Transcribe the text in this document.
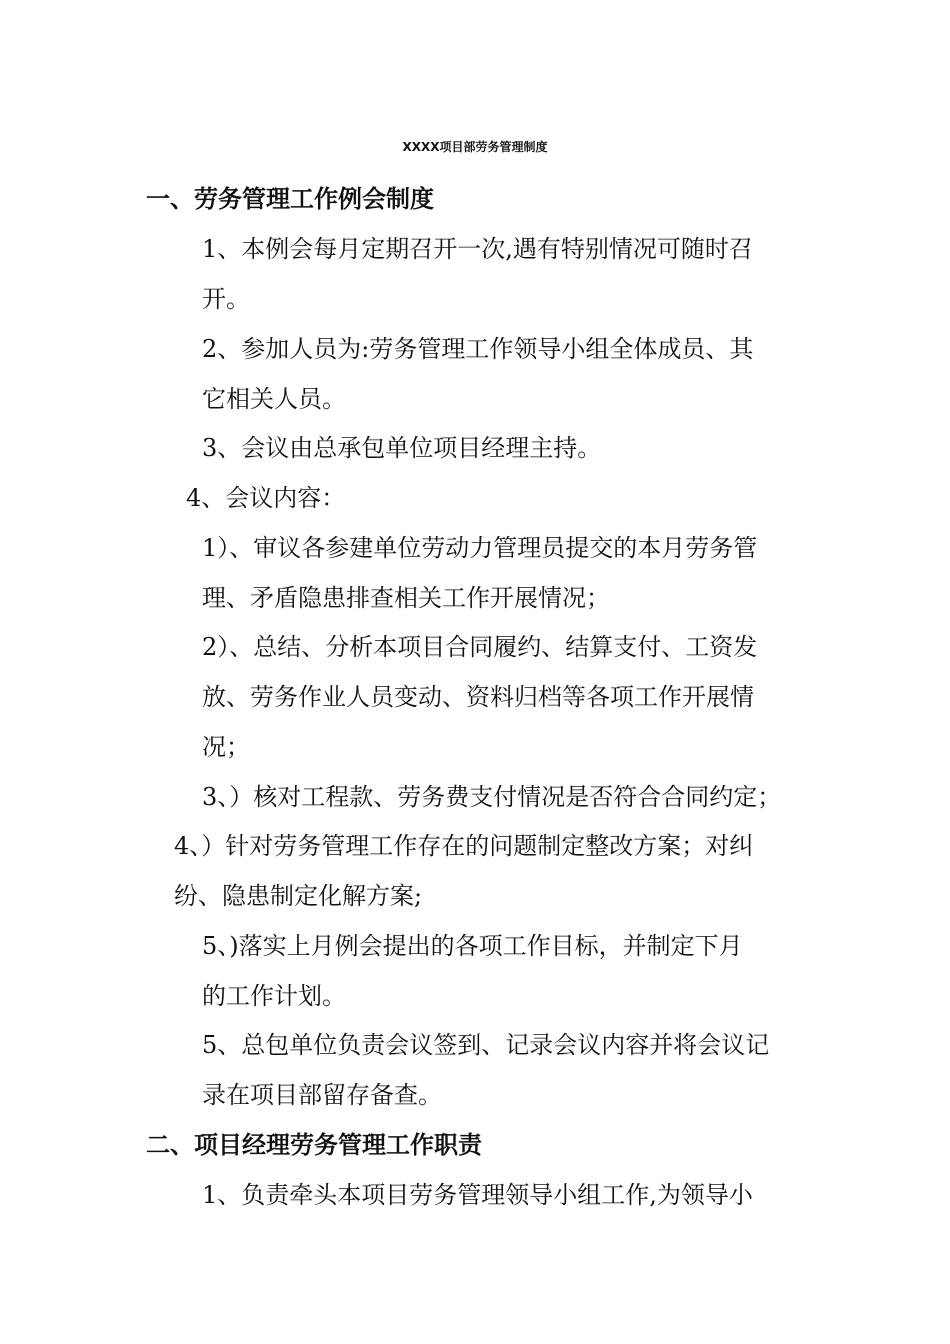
XXXX项目部劳务管理制度
一、劳务管理工作例会制度
1、本例会每月定期召开一次,遇有特别情况可随时召
开。
2、参加人员为:劳务管理工作领导小组全体成员、其
它相关人员。
3、会议由总承包单位项目经理主持。
4、会议内容：
1）、审议各参建单位劳动力管理员提交的本月劳务管
理、矛盾隐患排查相关工作开展情况；
2）、总结、分析本项目合同履约、结算支付、工资发
放、劳务作业人员变动、资料归档等各项工作开展情
况；
3、）核对工程款、劳务费支付情况是否符合合同约定；
4、）针对劳务管理工作存在的问题制定整改方案；对纠
纷、隐患制定化解方案;
5、)落实上月例会提出的各项工作目标，并制定下月
的工作计划。
5、总包单位负责会议签到、记录会议内容并将会议记
录在项目部留存备查。
二、项目经理劳务管理工作职责
1、负责牵头本项目劳务管理领导小组工作,为领导小
